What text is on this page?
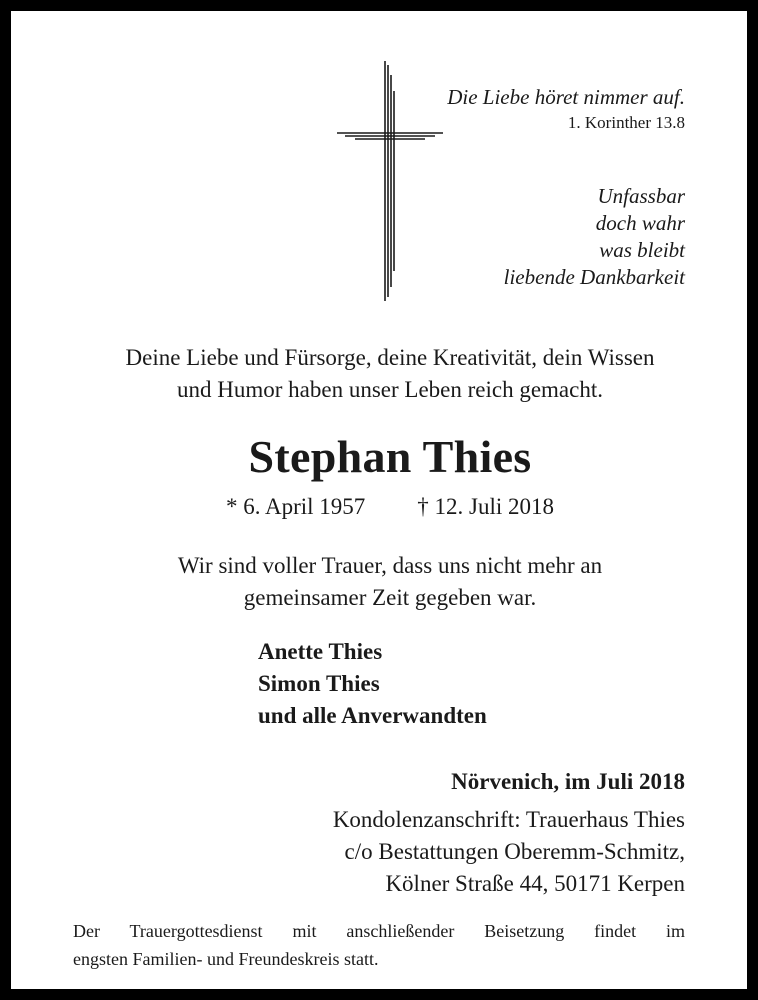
Die Liebe höret nimmer auf.
1. Korinther 13.8
Unfassbar
doch wahr
was bleibt
liebende Dankbarkeit
Deine Liebe und Fürsorge, deine Kreativität, dein Wissen
und Humor haben unser Leben reich gemacht.
Stephan Thies
* 6. April 1957 † 12. Juli 2018
Wir sind voller Trauer, dass uns nicht mehr an
gemeinsamer Zeit gegeben war.
Anette Thies
Simon Thies
und alle Anverwandten
Nörvenich, im Juli 2018
Kondolenzanschrift: Trauerhaus Thies
c/o Bestattungen Oberemm-Schmitz,
Kölner Straße 44, 50171 Kerpen
Der Trauergottesdienst mit anschließender Beisetzung findet im
engsten Familien- und Freundeskreis statt.
